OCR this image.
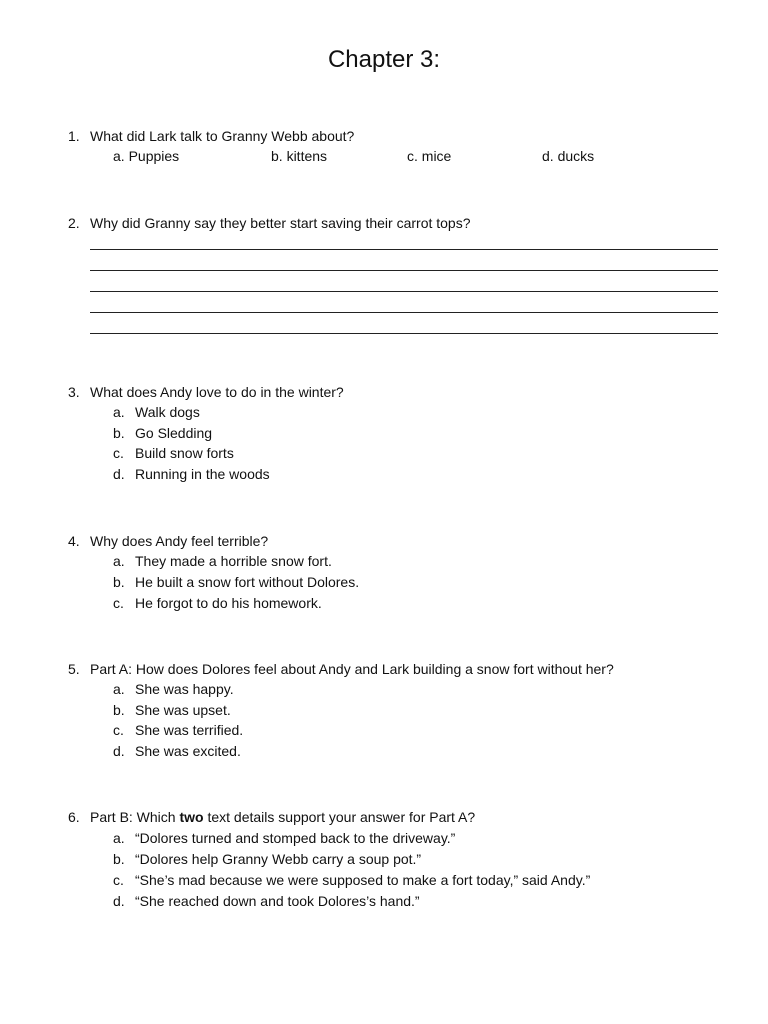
Chapter 3:
1. What did Lark talk to Granny Webb about?
a. Puppies	b. kittens	c. mice	d. ducks
2. Why did Granny say they better start saving their carrot tops?
3. What does Andy love to do in the winter?
a. Walk dogs
b. Go Sledding
c. Build snow forts
d. Running in the woods
4. Why does Andy feel terrible?
a. They made a horrible snow fort.
b. He built a snow fort without Dolores.
c. He forgot to do his homework.
5. Part A: How does Dolores feel about Andy and Lark building a snow fort without her?
a. She was happy.
b. She was upset.
c. She was terrified.
d. She was excited.
6. Part B: Which two text details support your answer for Part A?
a. “Dolores turned and stomped back to the driveway.”
b. “Dolores help Granny Webb carry a soup pot.”
c. “She’s mad because we were supposed to make a fort today,” said Andy.”
d. “She reached down and took Dolores’s hand.”
